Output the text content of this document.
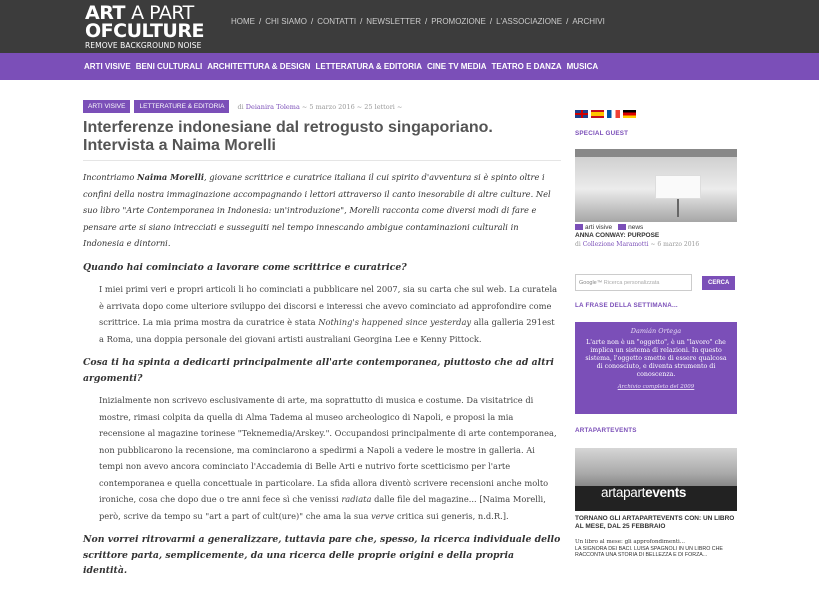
ART A PART
OFCULTURE
REMOVE BACKGROUND NOISE
HOME / CHI SIAMO / CONTATTI / NEWSLETTER / PROMOZIONE / L'ASSOCIAZIONE / ARCHIVI
ARTI VISIVE BENI CULTURALI ARCHITETTURA & DESIGN LETTERATURA & EDITORIA CINE TV MEDIA TEATRO E DANZA MUSICA
ARTI VISIVE	LETTERATURE & EDITORIA	di Deianira Tolema ~ 5 marzo 2016 ~ 25 lettori ~
Interferenze indonesiane dal retrogusto singaporiano.
Intervista a Naima Morelli

Incontriamo Naima Morelli, giovane scrittrice e curatrice italiana il cui spirito d'avventura si è spinto oltre i confini della nostra immaginazione accompagnando i lettori attraverso il canto inesorabile di altre culture. Nel suo libro "Arte Contemporanea in Indonesia: un'introduzione", Morelli racconta come diversi modi di fare e pensare arte si siano intrecciati e susseguiti nel tempo innescando ambigue contaminazioni culturali in Indonesia e dintorni.

Quando hai cominciato a lavorare come scrittrice e curatrice?

I miei primi veri e propri articoli li ho cominciati a pubblicare nel 2007, sia su carta che sul web. La curatela è arrivata dopo come ulteriore sviluppo dei discorsi e interessi che avevo cominciato ad approfondire come scrittrice. La mia prima mostra da curatrice è stata Nothing's happened since yesterday alla galleria 291est a Roma, una doppia personale dei giovani artisti australiani Georgina Lee e Kenny Pittock.

Cosa ti ha spinta a dedicarti principalmente all'arte contemporanea, piuttosto che ad altri argomenti?

Inizialmente non scrivevo esclusivamente di arte, ma soprattutto di musica e costume. Da visitatrice di mostre, rimasi colpita da quella di Alma Tadema al museo archeologico di Napoli, e proposi la mia recensione al magazine torinese "Teknemedia/Arskey.". Occupandosi principalmente di arte contemporanea, non pubblicarono la recensione, ma cominciarono a spedirmi a Napoli a vedere le mostre in galleria. Ai tempi non avevo ancora cominciato l'Accademia di Belle Arti e nutrivo forte scetticismo per l'arte contemporanea e quella concettuale in particolare. La sfida allora diventò scrivere recensioni anche molto ironiche, cosa che dopo due o tre anni fece sì che venissi radiata dalle file del magazine... [Naima Morelli, però, scrive da tempo su "art a part of cult(ure)" che ama la sua verve critica sui generis, n.d.R.].

Non vorrei ritrovarmi a generalizzare, tuttavia pare che, spesso, la ricerca individuale dello scrittore parta, semplicemente, da una ricerca delle proprie origini e della propria identità.

SPECIAL GUEST
arti visive	news
ANNA CONWAY: PURPOSE
di Collezione Maramotti ~ 6 marzo 2016
Google™ Ricerca personalizzata	CERCA
LA FRASE DELLA SETTIMANA...
Damián Ortega
L'arte non è un "oggetto", è un "lavoro" che implica un sistema di relazioni. In questo sistema, l'oggetto smette di essere qualcosa di conosciuto, e diventa strumento di conoscenza.
Archivio completo del 2009
ARTAPARTEVENTS
artapartevents
TORNANO GLI ARTAPARTEVENTS CON: UN LIBRO AL MESE, DAL 25 FEBBRAIO
Un libro al mese: gli approfondimenti...
LA SIGNORA DEI BACI. LUISA SPAGNOLI IN UN LIBRO CHE RACCONTA UNA STORIA DI BELLEZZA E DI FORZA...
